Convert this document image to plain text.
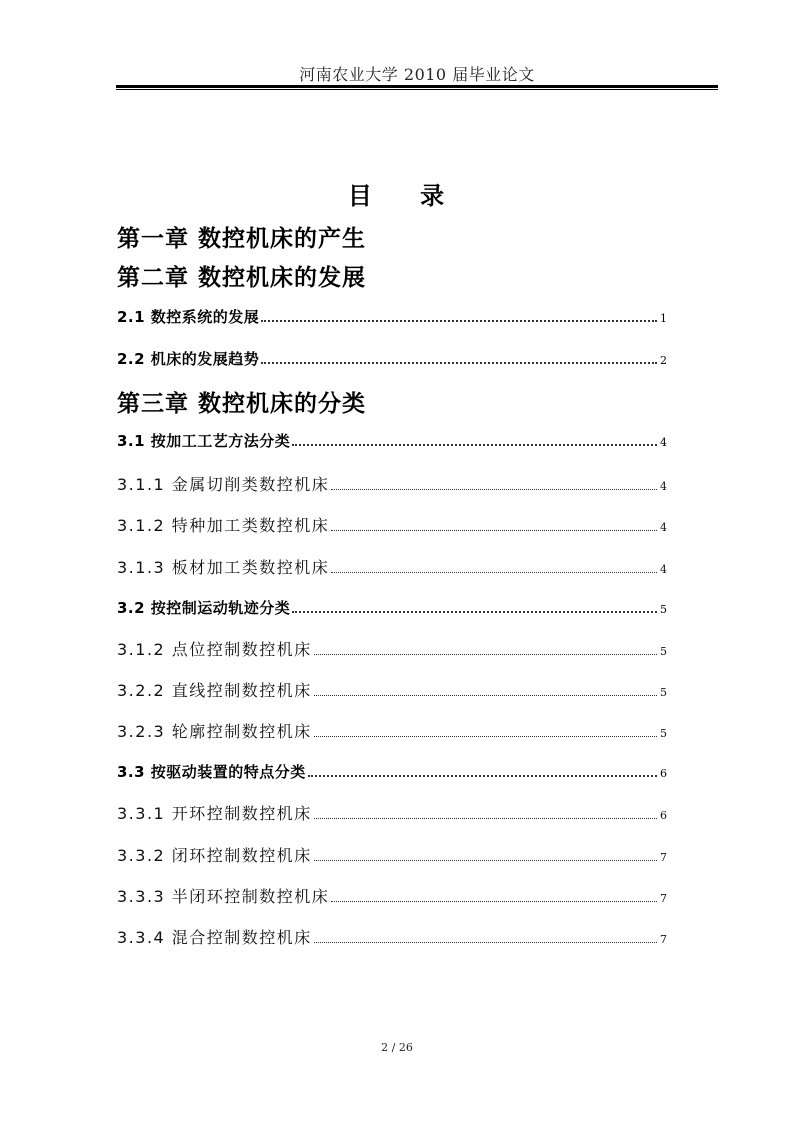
河南农业大学 2010 届毕业论文
目 录
第一章 数控机床的产生
第二章 数控机床的发展
2.1 数控系统的发展	1
2.2 机床的发展趋势	2
第三章 数控机床的分类
3.1 按加工工艺方法分类	4
3.1.1 金属切削类数控机床	4
3.1.2 特种加工类数控机床	4
3.1.3 板材加工类数控机床	4
3.2 按控制运动轨迹分类	5
3.1.2 点位控制数控机床	5
3.2.2 直线控制数控机床	5
3.2.3 轮廓控制数控机床	5
3.3 按驱动装置的特点分类	6
3.3.1 开环控制数控机床	6
3.3.2 闭环控制数控机床	7
3.3.3 半闭环控制数控机床	7
3.3.4 混合控制数控机床	7
2 / 26
